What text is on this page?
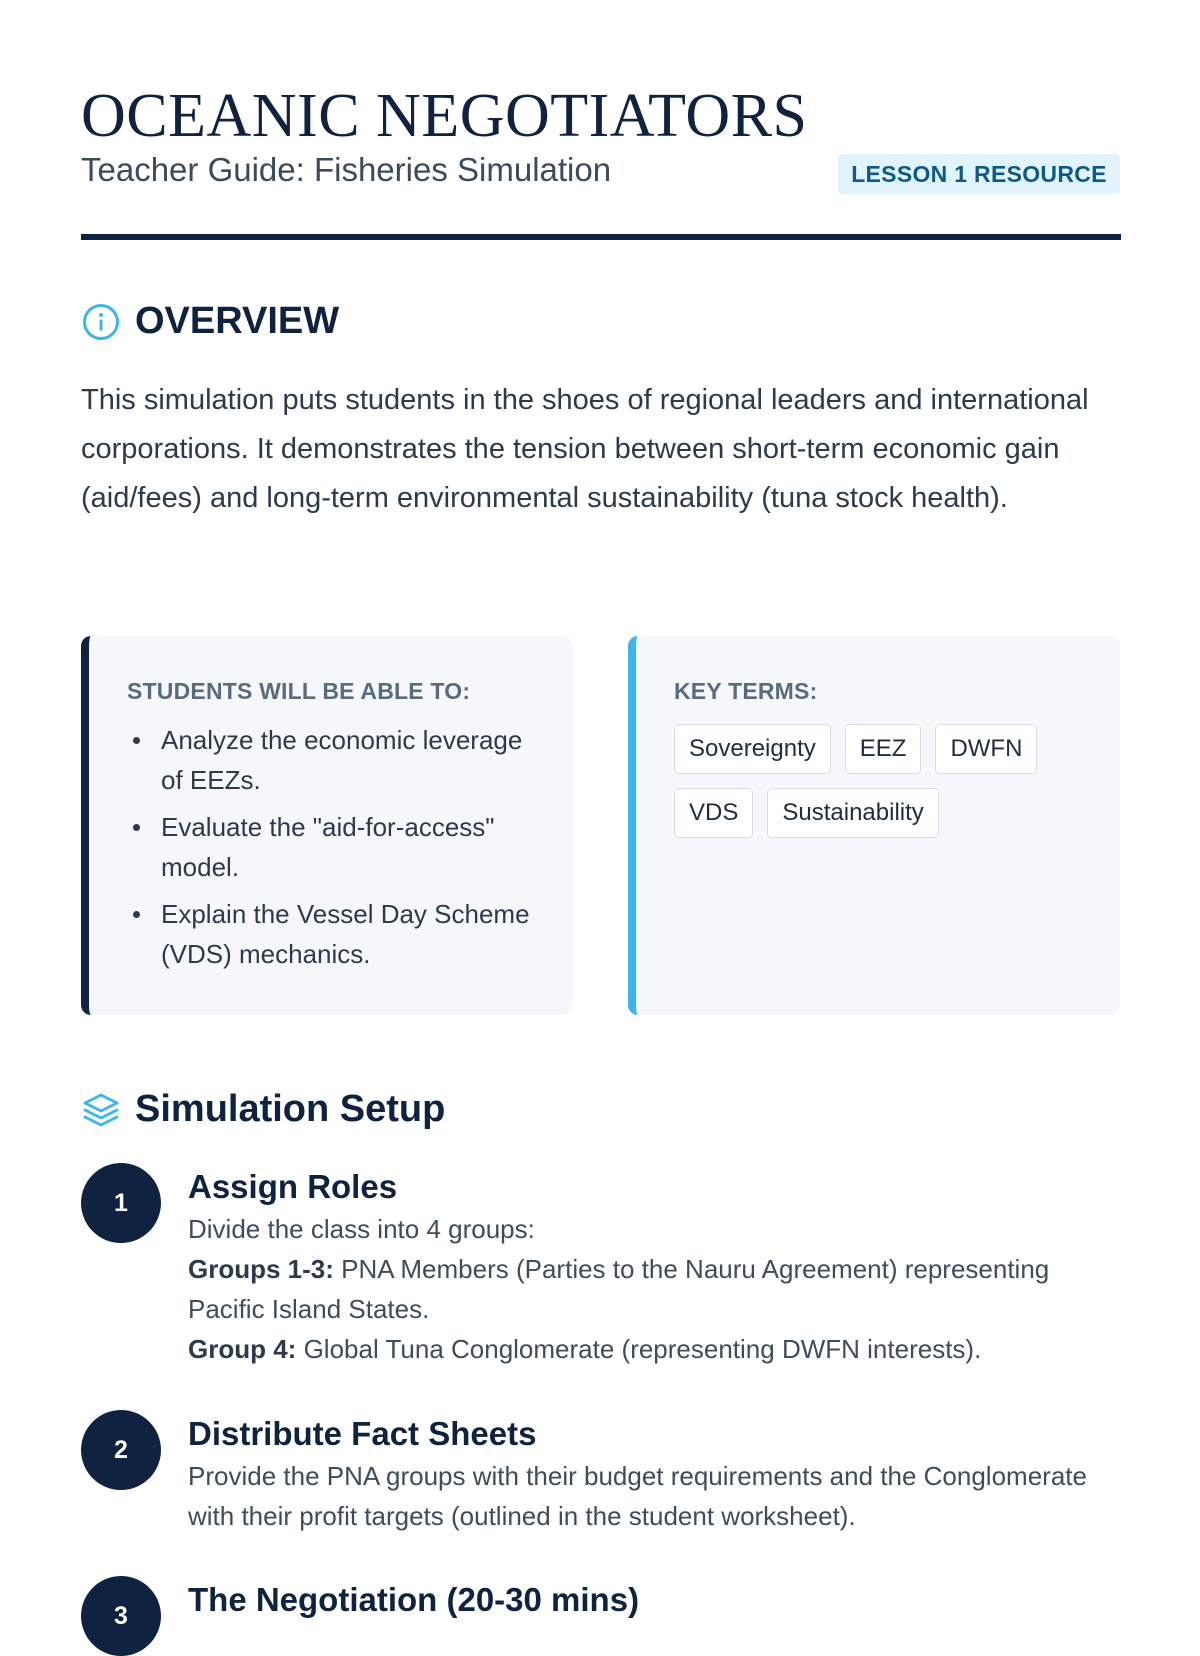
OCEANIC NEGOTIATORS
Teacher Guide: Fisheries Simulation	LESSON 1 RESOURCE
OVERVIEW

This simulation puts students in the shoes of regional leaders and international corporations. It demonstrates the tension between short-term economic gain (aid/fees) and long-term environmental sustainability (tuna stock health).

STUDENTS WILL BE ABLE TO:
Analyze the economic leverage of EEZs.
Evaluate the "aid-for-access" model.
Explain the Vessel Day Scheme (VDS) mechanics.
KEY TERMS:
Sovereignty	EEZ	DWFN
VDS	Sustainability
Simulation Setup
1	Assign Roles

Divide the class into 4 groups:

Groups 1-3: PNA Members (Parties to the Nauru Agreement) representing Pacific Island States.

Group 4: Global Tuna Conglomerate (representing DWFN interests).

2	Distribute Fact Sheets

Provide the PNA groups with their budget requirements and the Conglomerate with their profit targets (outlined in the student worksheet).

3	The Negotiation (20-30 mins)
